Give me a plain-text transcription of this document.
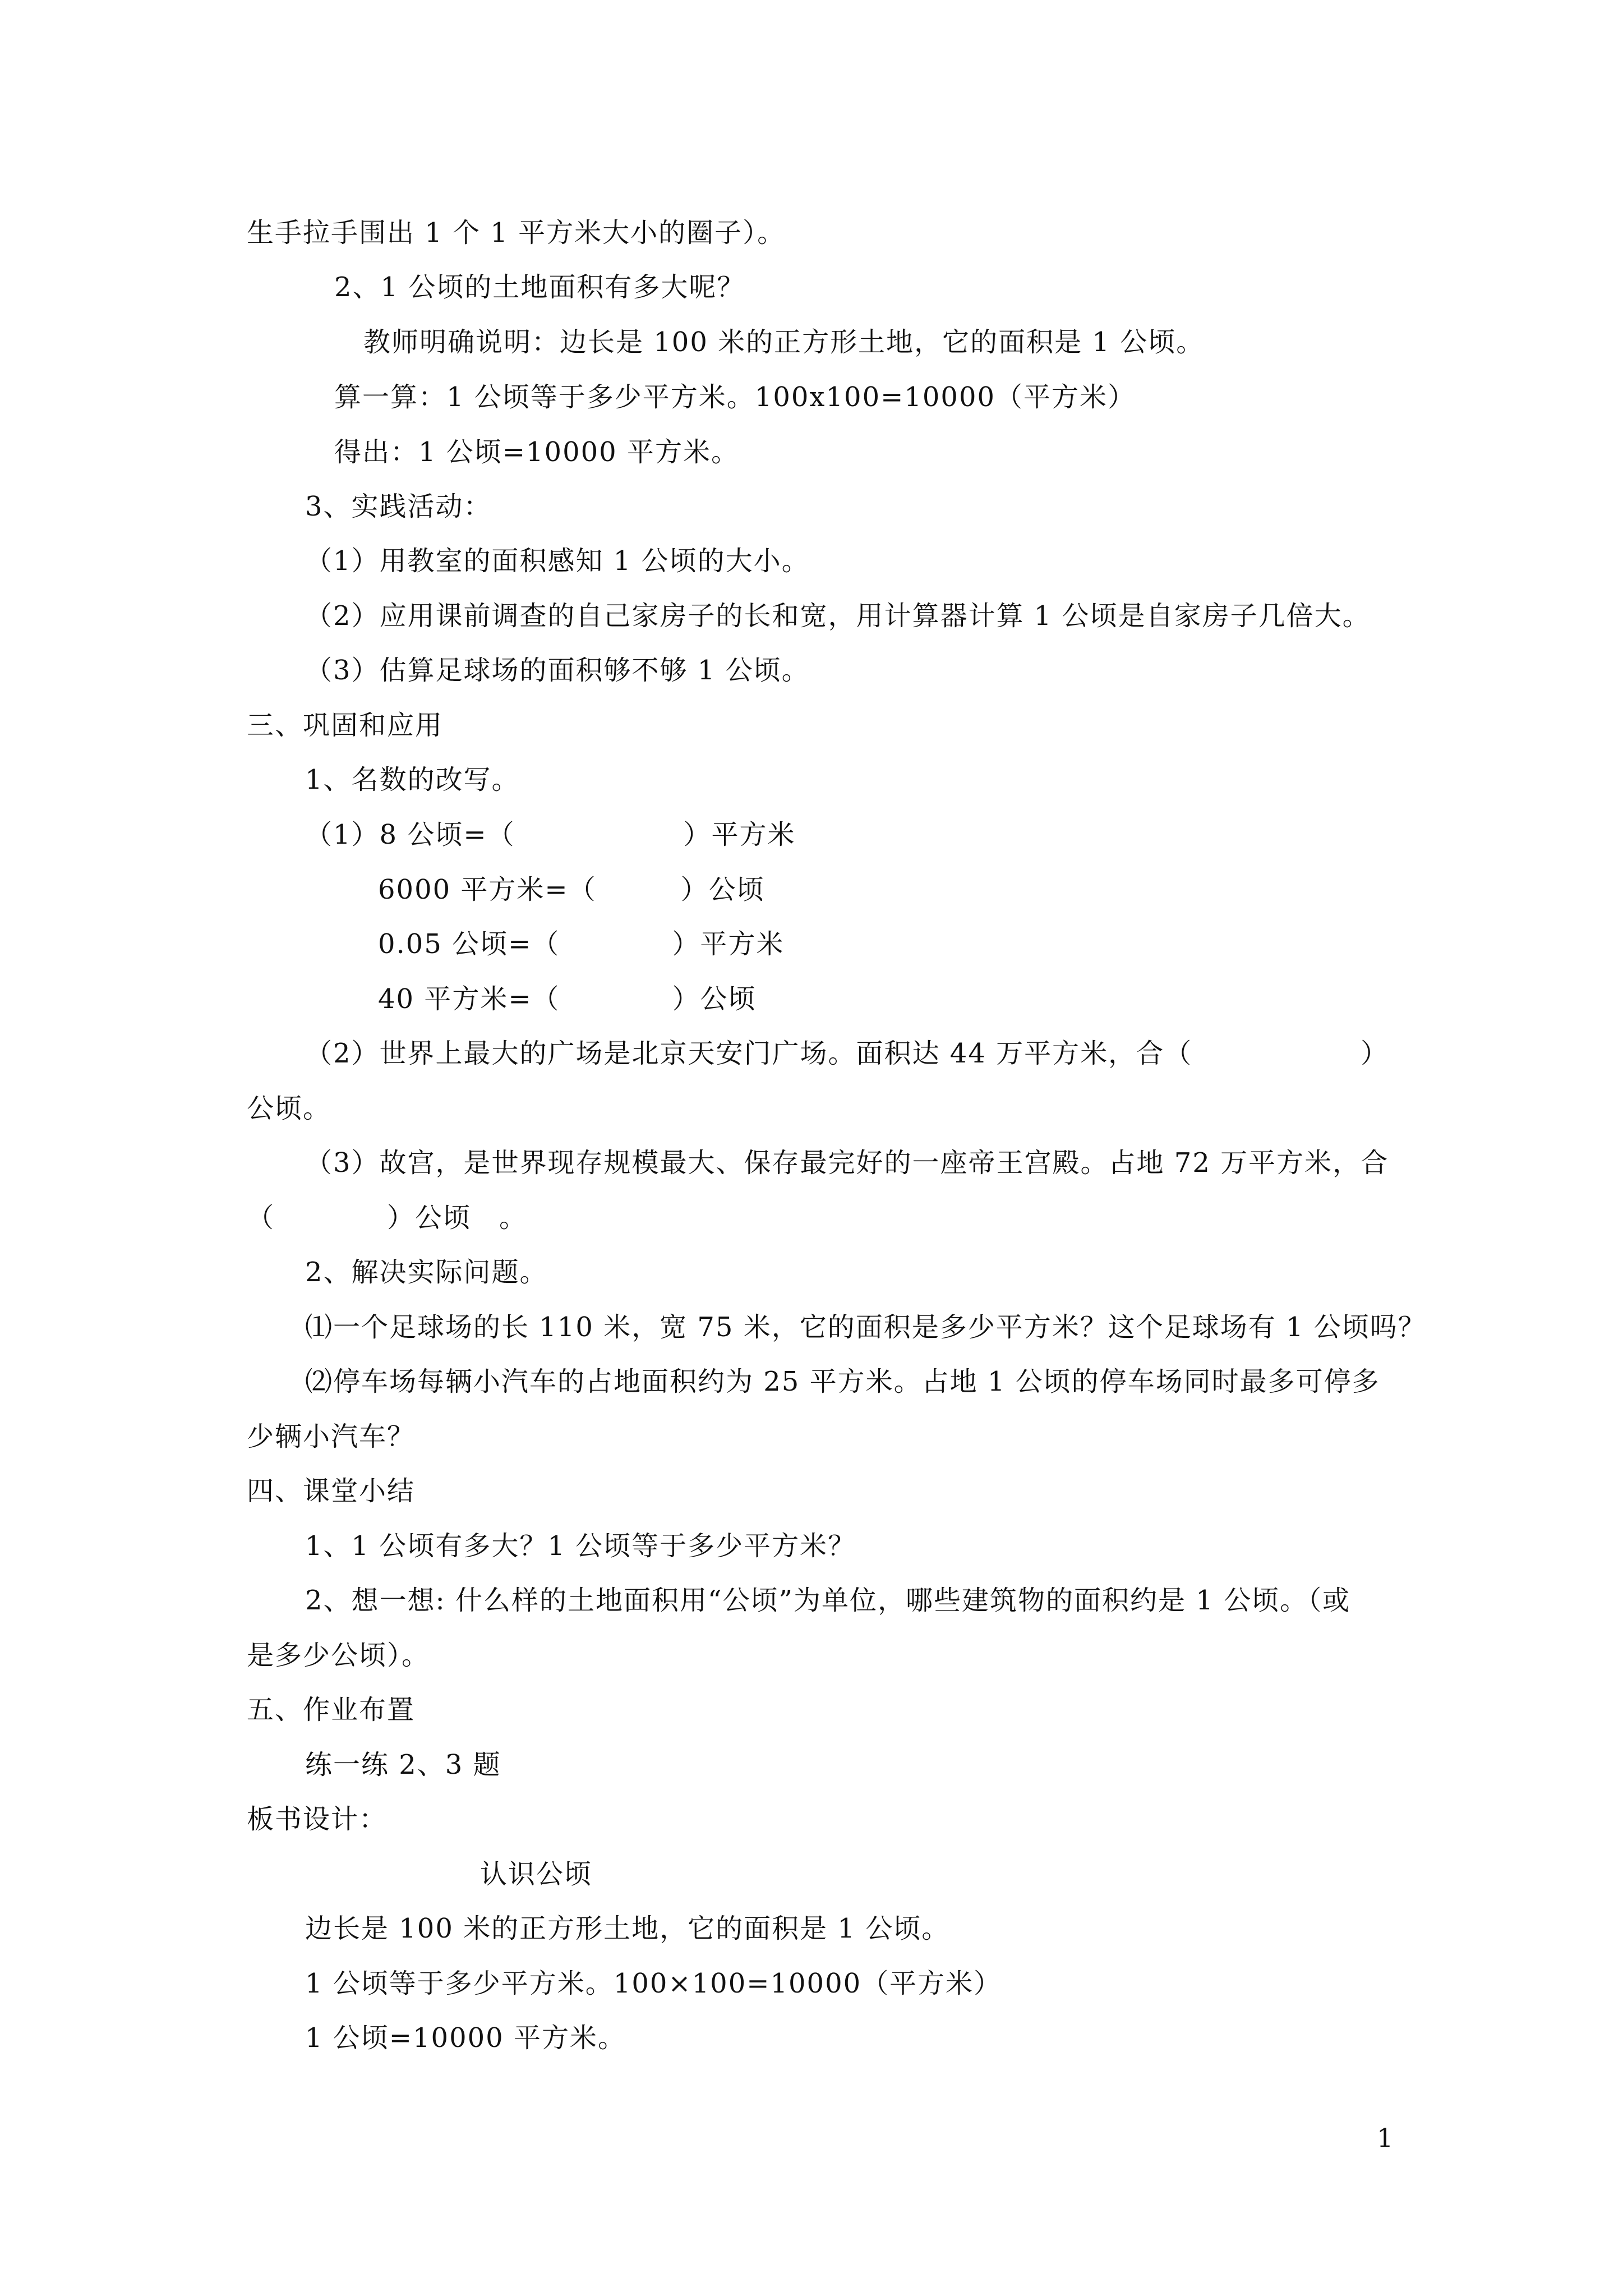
生手拉手围出 1 个 1 平方米大小的圈子）。
2、1 公顷的土地面积有多大呢？
教师明确说明：边长是 100 米的正方形土地，它的面积是 1 公顷。
算一算：1 公顷等于多少平方米。100x100=10000（平方米）
得出：1 公顷=10000 平方米。
3、实践活动：
（1）用教室的面积感知 1 公顷的大小。
（2）应用课前调查的自己家房子的长和宽，用计算器计算 1 公顷是自家房子几倍大。
（3）估算足球场的面积够不够 1 公顷。
三、巩固和应用
1、名数的改写。
（1）8 公顷=（　　　　　　）平方米
6000 平方米=（　　　）公顷
0.05 公顷=（　　　　）平方米
40 平方米=（　　　　）公顷
（2）世界上最大的广场是北京天安门广场。面积达 44 万平方米，合（　　　　　　）
公顷。
（3）故宫，是世界现存规模最大、保存最完好的一座帝王宫殿。占地 72 万平方米，合
（　　　　）公顷　。
2、解决实际问题。
⑴一个足球场的长 110 米，宽 75 米，它的面积是多少平方米？这个足球场有 1 公顷吗？
⑵停车场每辆小汽车的占地面积约为 25 平方米。占地 1 公顷的停车场同时最多可停多
少辆小汽车？
四、课堂小结
1、1 公顷有多大？1 公顷等于多少平方米？
2、想一想: 什么样的土地面积用“公顷”为单位，哪些建筑物的面积约是 1 公顷。（或
是多少公顷）。
五、作业布置
练一练 2、3 题
板书设计：
认识公顷
边长是 100 米的正方形土地，它的面积是 1 公顷。
1 公顷等于多少平方米。100×100=10000（平方米）
1 公顷=10000 平方米。
1
